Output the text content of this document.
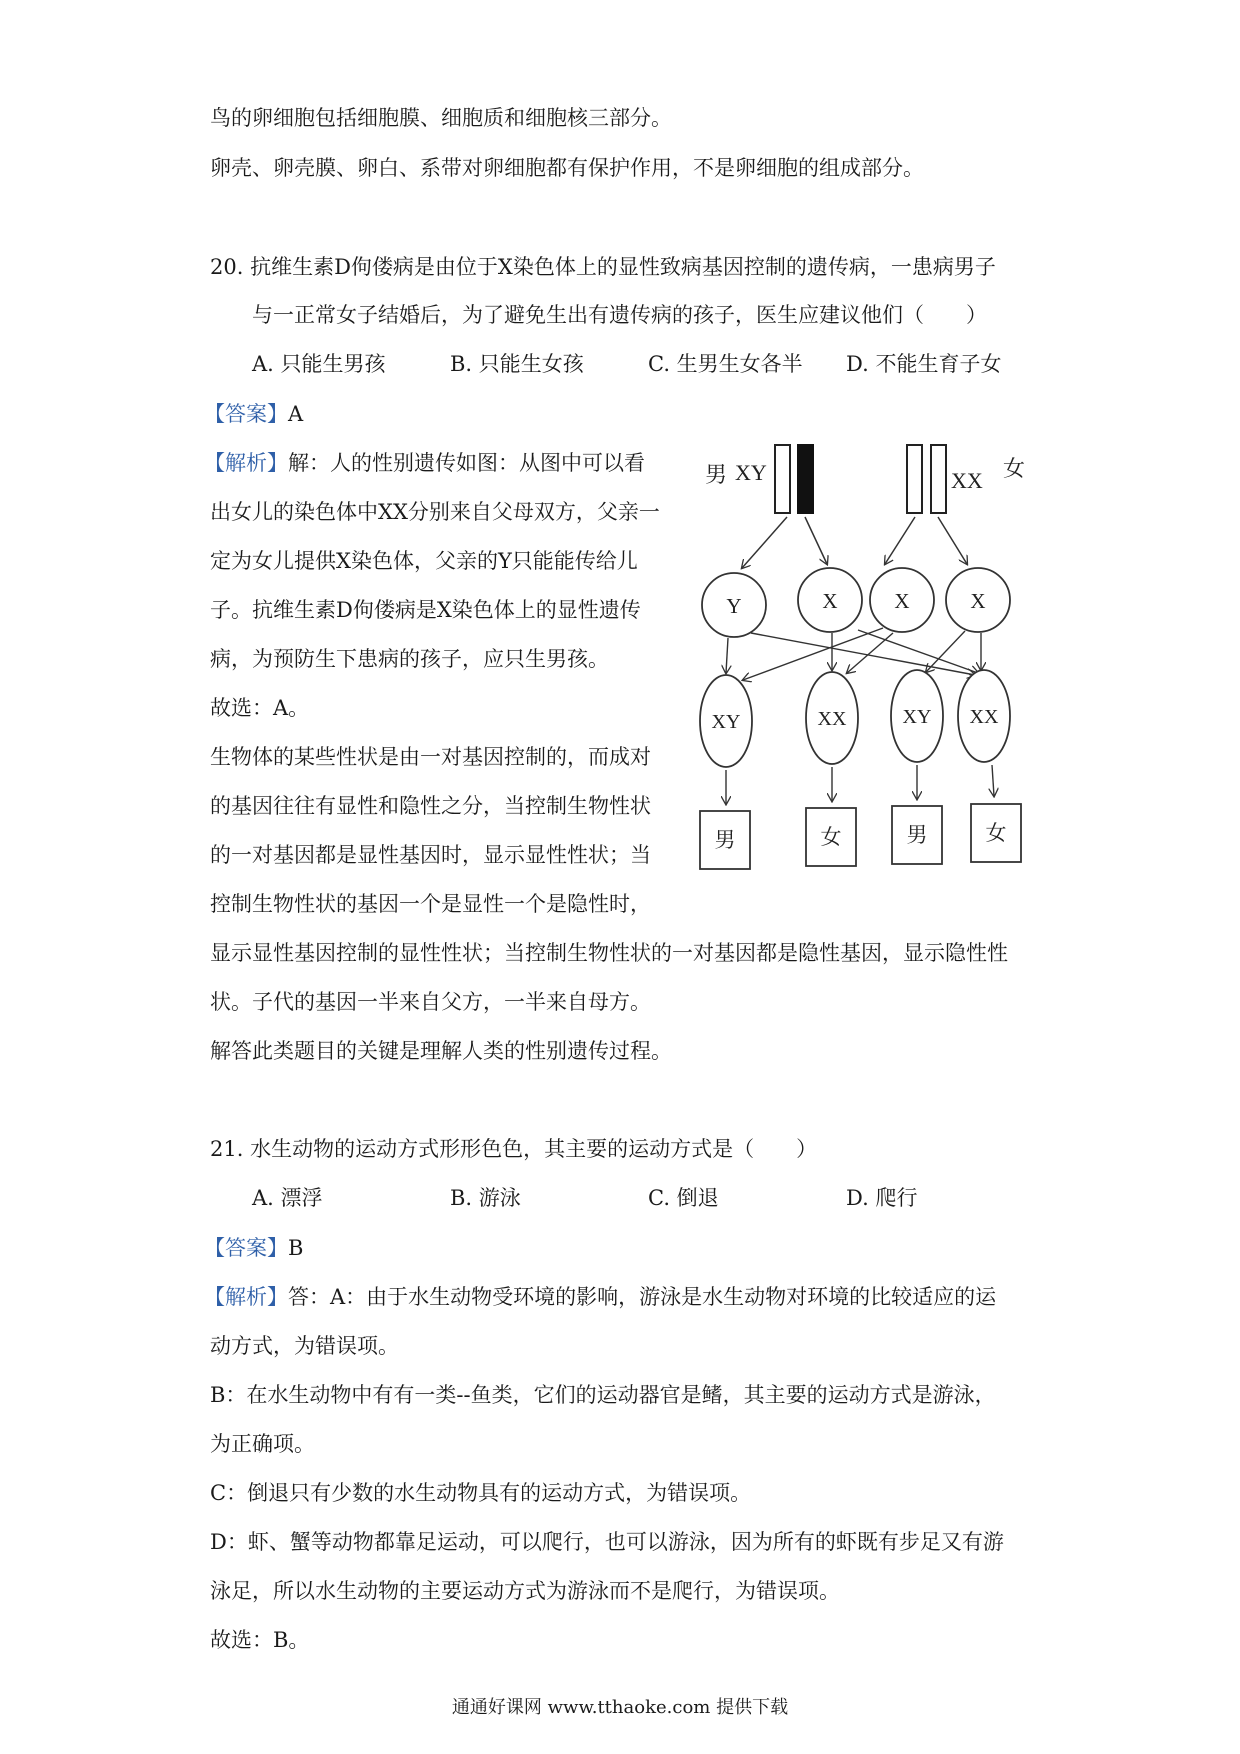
鸟的卵细胞包括细胞膜、细胞质和细胞核三部分。
卵壳、卵壳膜、卵白、系带对卵细胞都有保护作用，不是卵细胞的组成部分。
20. 抗维生素D佝偻病是由位于X染色体上的显性致病基因控制的遗传病，一患病男子
与一正常女子结婚后，为了避免生出有遗传病的孩子，医生应建议他们（　　）
A. 只能生男孩	B. 只能生女孩	C. 生男生女各半 D. 不能生育子女
【答案】A
【解析】解：人的性别遗传如图：从图中可以看
出女儿的染色体中XX分别来自父母双方，父亲一
定为女儿提供X染色体，父亲的Y只能能传给儿
子。抗维生素D佝偻病是X染色体上的显性遗传
病，为预防生下患病的孩子，应只生男孩。
故选：A。
生物体的某些性状是由一对基因控制的，而成对
的基因往往有显性和隐性之分，当控制生物性状
的一对基因都是显性基因时，显示显性性状；当
控制生物性状的基因一个是显性一个是隐性时，
显示显性基因控制的显性性状；当控制生物性状的一对基因都是隐性基因，显示隐性性
状。子代的基因一半来自父方，一半来自母方。
解答此类题目的关键是理解人类的性别遗传过程。
男 XY	XX 女
Y	X	X	X
XY	XX	XY XX
男	女	男	女
21. 水生动物的运动方式形形色色，其主要的运动方式是（　　）
A. 漂浮	B. 游泳	C. 倒退	D. 爬行
【答案】B
【解析】答：A：由于水生动物受环境的影响，游泳是水生动物对环境的比较适应的运
动方式，为错误项。
B：在水生动物中有有一类--鱼类，它们的运动器官是鳍，其主要的运动方式是游泳，
为正确项。
C：倒退只有少数的水生动物具有的运动方式，为错误项。
D：虾、蟹等动物都靠足运动，可以爬行，也可以游泳，因为所有的虾既有步足又有游
泳足，所以水生动物的主要运动方式为游泳而不是爬行，为错误项。
故选：B。
通通好课网 www.tthaoke.com 提供下载
